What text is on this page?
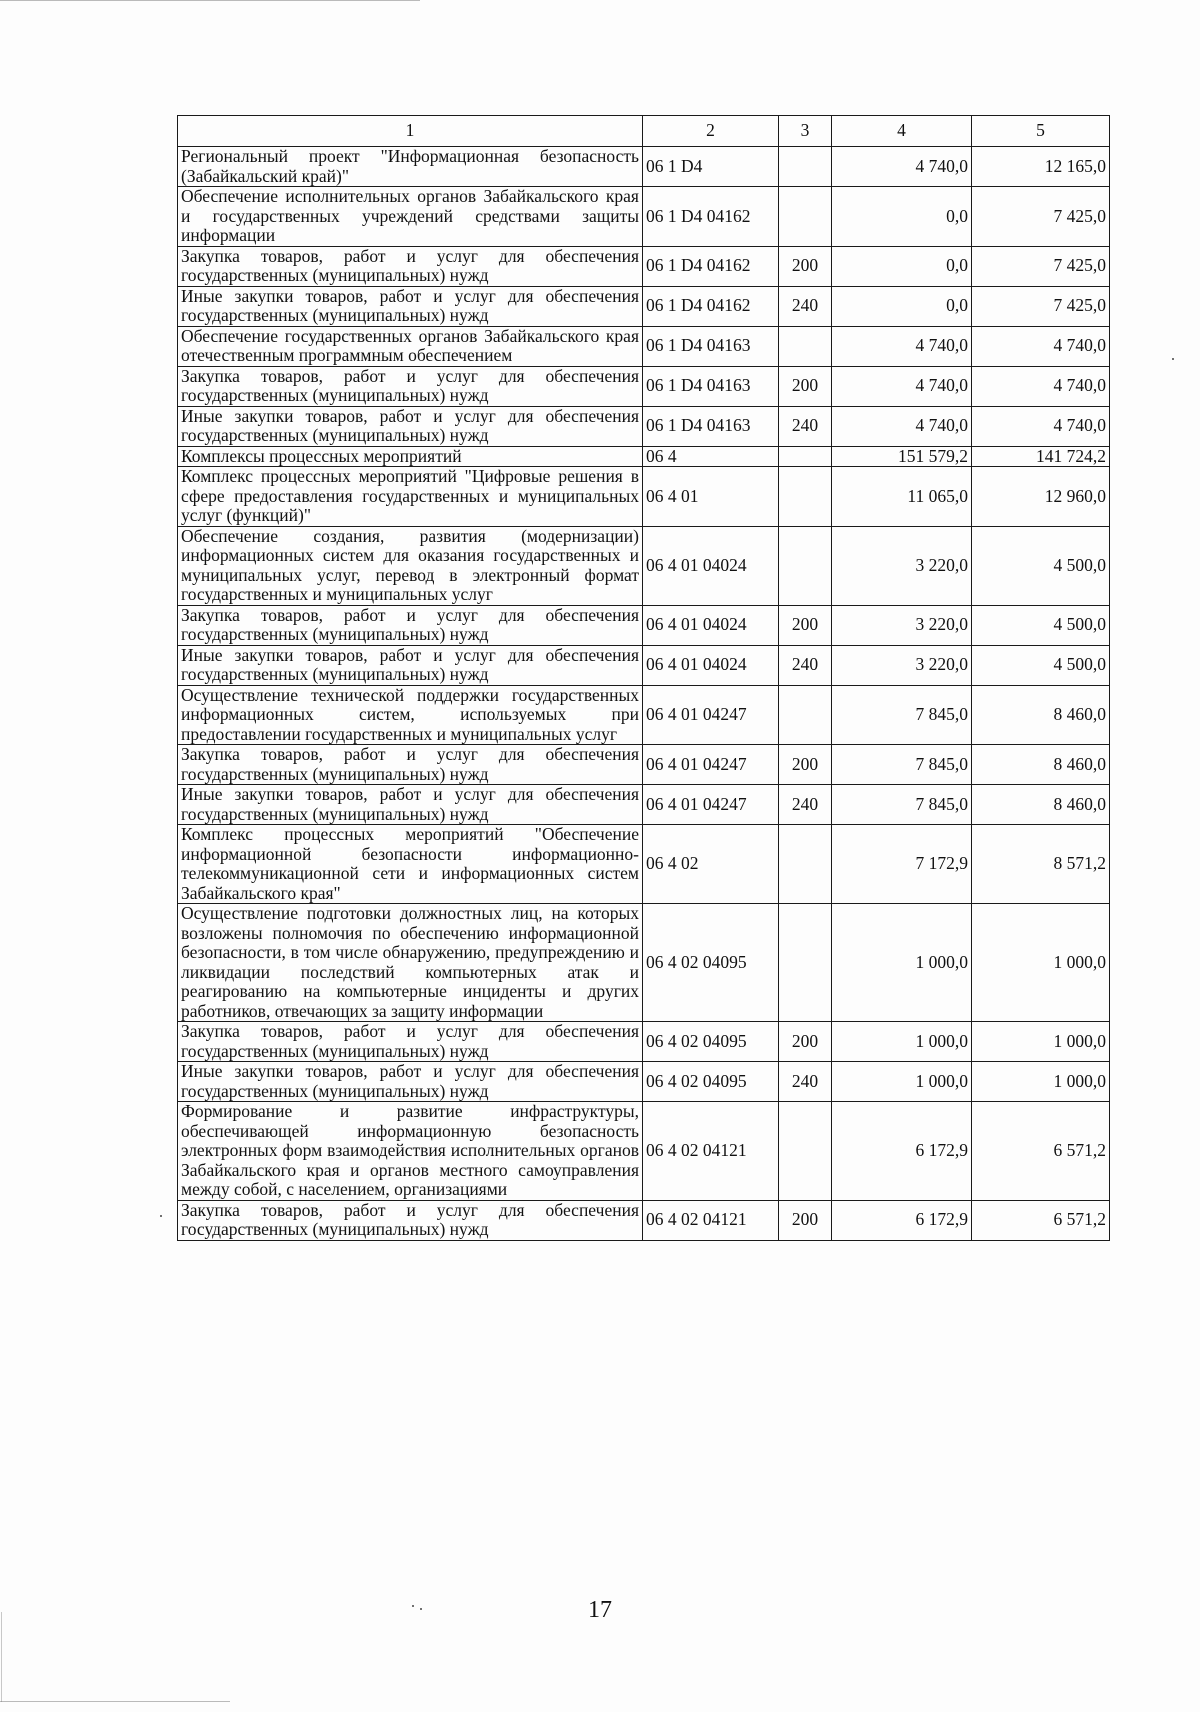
1	2	3	4	5
Региональный проект "Информационная безопасность (Забайкальский край)"	06 1 D4		4 740,0	12 165,0
Обеспечение исполнительных органов Забайкальского края и государственных учреждений средствами защиты информации	06 1 D4 04162		0,0	7 425,0
Закупка товаров, работ и услуг для обеспечения государственных (муниципальных) нужд	06 1 D4 04162	200	0,0	7 425,0
Иные закупки товаров, работ и услуг для обеспечения государственных (муниципальных) нужд	06 1 D4 04162	240	0,0	7 425,0
Обеспечение государственных органов Забайкальского края отечественным программным обеспечением	06 1 D4 04163		4 740,0	4 740,0
Закупка товаров, работ и услуг для обеспечения государственных (муниципальных) нужд	06 1 D4 04163	200	4 740,0	4 740,0
Иные закупки товаров, работ и услуг для обеспечения государственных (муниципальных) нужд	06 1 D4 04163	240	4 740,0	4 740,0
Комплексы процессных мероприятий	06 4		151 579,2	141 724,2
Комплекс процессных мероприятий "Цифровые решения в сфере предоставления государственных и муниципальных услуг (функций)"	06 4 01		11 065,0	12 960,0
Обеспечение создания, развития (модернизации) информационных систем для оказания государственных и муниципальных услуг, перевод в электронный формат государственных и муниципальных услуг	06 4 01 04024		3 220,0	4 500,0
Закупка товаров, работ и услуг для обеспечения государственных (муниципальных) нужд	06 4 01 04024	200	3 220,0	4 500,0
Иные закупки товаров, работ и услуг для обеспечения государственных (муниципальных) нужд	06 4 01 04024	240	3 220,0	4 500,0
Осуществление технической поддержки государственных информационных систем, используемых при предоставлении государственных и муниципальных услуг	06 4 01 04247		7 845,0	8 460,0
Закупка товаров, работ и услуг для обеспечения государственных (муниципальных) нужд	06 4 01 04247	200	7 845,0	8 460,0
Иные закупки товаров, работ и услуг для обеспечения государственных (муниципальных) нужд	06 4 01 04247	240	7 845,0	8 460,0
Комплекс процессных мероприятий "Обеспечение информационной безопасности информационно-телекоммуникационной сети и информационных систем Забайкальского края"	06 4 02		7 172,9	8 571,2
Осуществление подготовки должностных лиц, на которых возложены полномочия по обеспечению информационной безопасности, в том числе обнаружению, предупреждению и ликвидации последствий компьютерных атак и реагированию на компьютерные инциденты и других работников, отвечающих за защиту информации	06 4 02 04095		1 000,0	1 000,0
Закупка товаров, работ и услуг для обеспечения государственных (муниципальных) нужд	06 4 02 04095	200	1 000,0	1 000,0
Иные закупки товаров, работ и услуг для обеспечения государственных (муниципальных) нужд	06 4 02 04095	240	1 000,0	1 000,0
Формирование и развитие инфраструктуры, обеспечивающей информационную безопасность электронных форм взаимодействия исполнительных органов Забайкальского края и органов местного самоуправления между собой, с населением, организациями	06 4 02 04121		6 172,9	6 571,2
Закупка товаров, работ и услуг для обеспечения государственных (муниципальных) нужд	06 4 02 04121	200	6 172,9	6 571,2
17
